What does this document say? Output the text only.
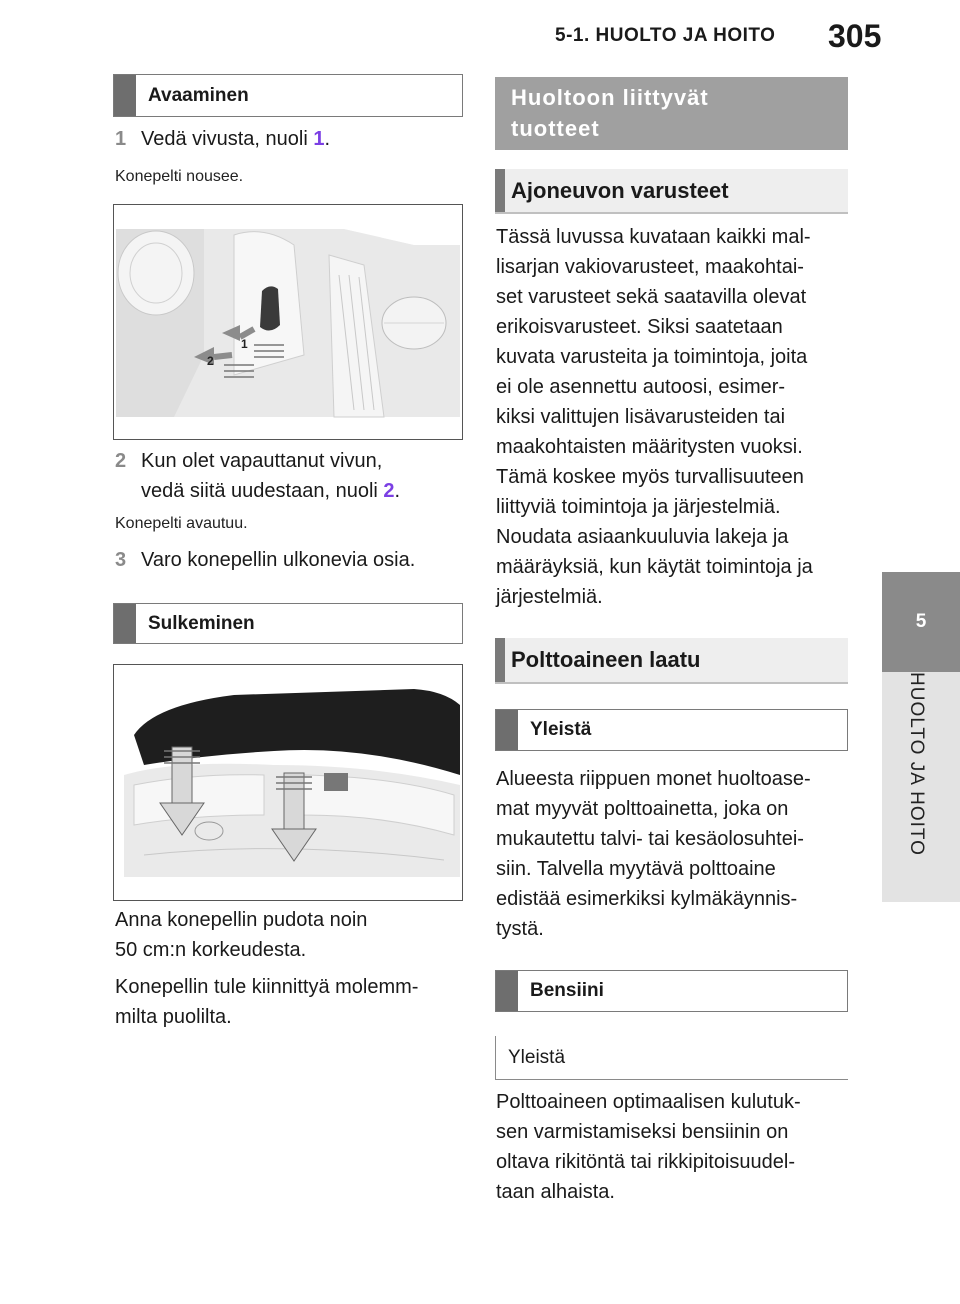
5-1. HUOLTO JA HOITO 305
5
HUOLTO JA HOITO
Avaaminen
1 Vedä vivusta, nuoli 1.
Konepelti nousee.
1
2
2 Kun olet vapauttanut vivun,
vedä siitä uudestaan, nuoli 2.
Konepelti avautuu.
3 Varo konepellin ulkonevia osia.
Sulkeminen
Anna konepellin pudota noin
50 cm:n korkeudesta.
Konepellin tule kiinnittyä molemm-
milta puolilta.
Huoltoon liittyvät
tuotteet
Ajoneuvon varusteet
Tässä luvussa kuvataan kaikki mal-
lisarjan vakiovarusteet, maakohtai-
set varusteet sekä saatavilla olevat
erikoisvarusteet. Siksi saatetaan
kuvata varusteita ja toimintoja, joita
ei ole asennettu autoosi, esimer-
kiksi valittujen lisävarusteiden tai
maakohtaisten määritysten vuoksi.
Tämä koskee myös turvallisuuteen
liittyviä toimintoja ja järjestelmiä.
Noudata asiaankuuluvia lakeja ja
määräyksiä, kun käytät toimintoja ja
järjestelmiä.
Polttoaineen laatu
Yleistä
Alueesta riippuen monet huoltoase-
mat myyvät polttoainetta, joka on
mukautettu talvi- tai kesäolosuhtei-
siin. Talvella myytävä polttoaine
edistää esimerkiksi kylmäkäynnis-
tystä.
Bensiini
Yleistä
Polttoaineen optimaalisen kulutuk-
sen varmistamiseksi bensiinin on
oltava rikitöntä tai rikkipitoisuudel-
taan alhaista.
